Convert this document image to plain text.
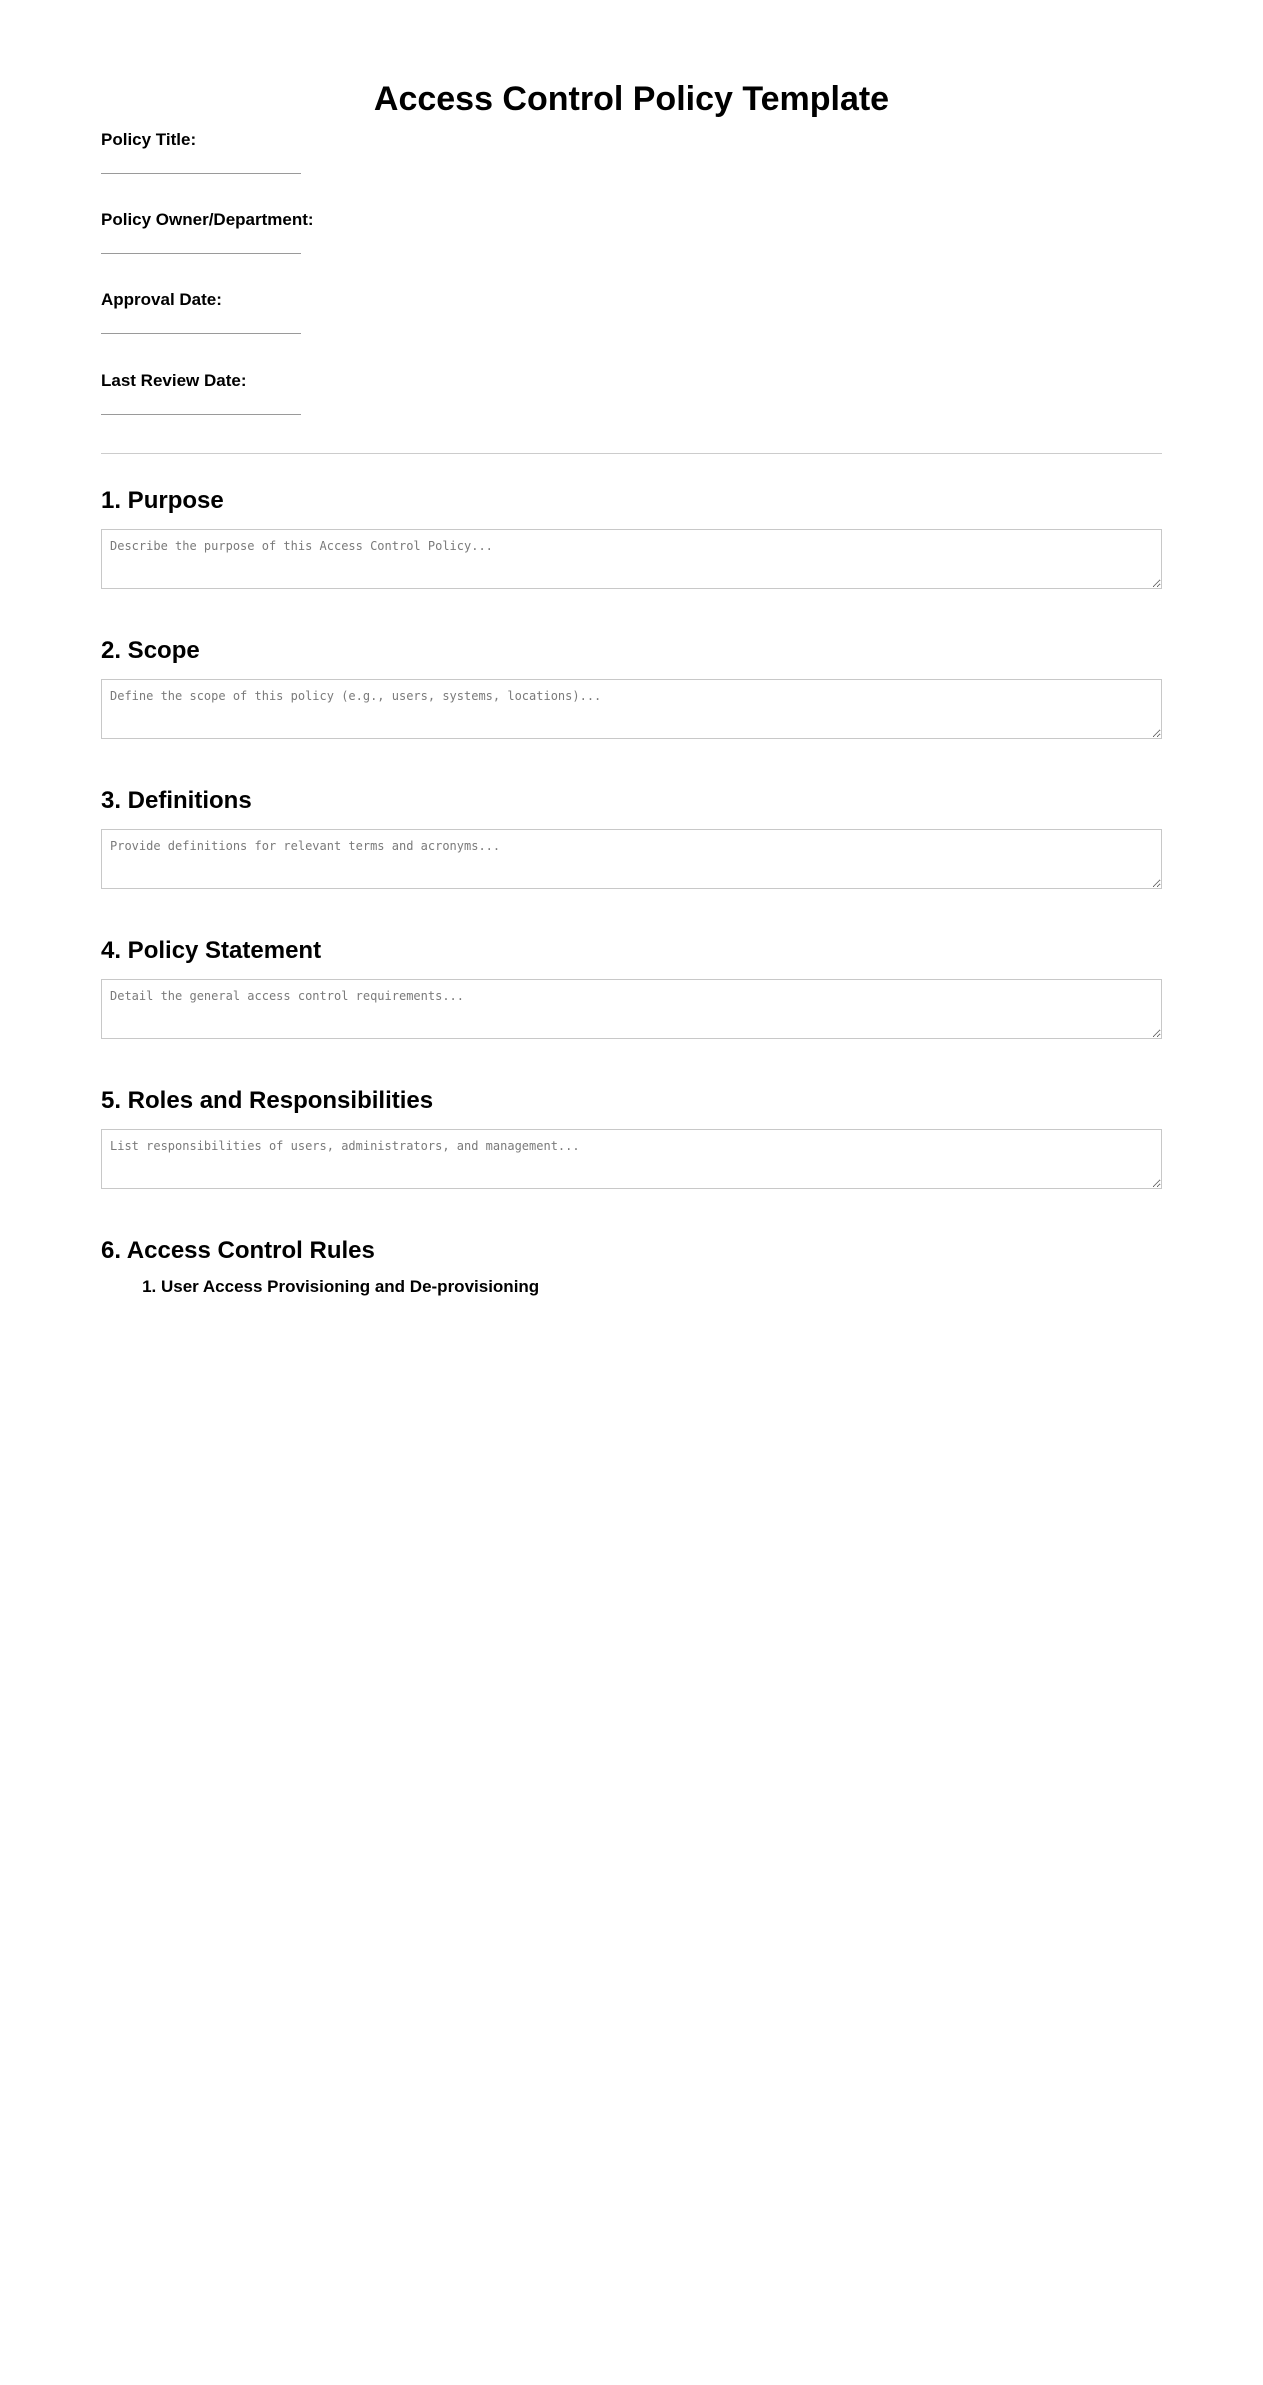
Access Control Policy Template
Policy Title:
Policy Owner/Department:
Approval Date:
Last Review Date:
1. Purpose
Describe the purpose of this Access Control Policy...
2. Scope
Define the scope of this policy (e.g., users, systems, locations)...
3. Definitions
Provide definitions for relevant terms and acronyms...
4. Policy Statement
Detail the general access control requirements...
5. Roles and Responsibilities
List responsibilities of users, administrators, and management...
6. Access Control Rules
1. User Access Provisioning and De-provisioning
